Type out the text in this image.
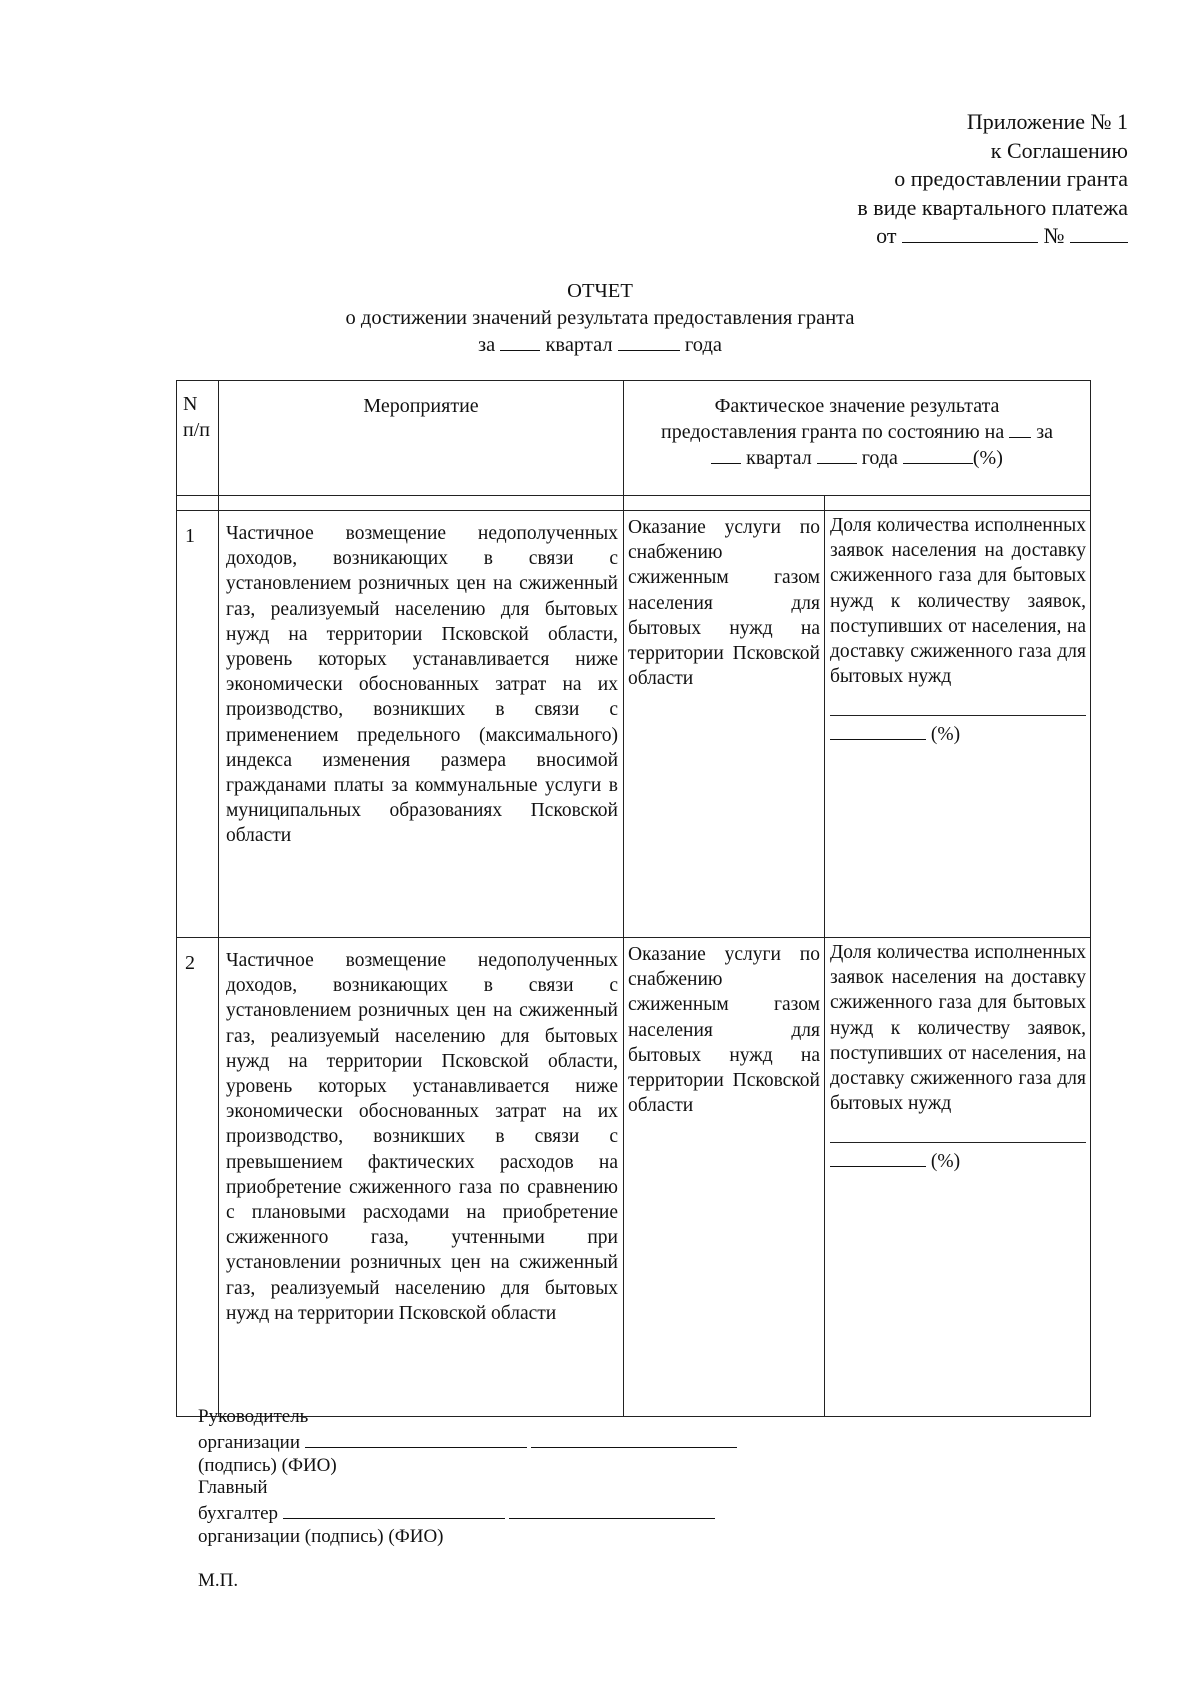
Приложение № 1
к Соглашению
о предоставлении гранта
в виде квартального платежа
от	№
ОТЧЕТ
о достижении значений результата предоставления гранта
за квартал	года
N п/п	Мероприятие	Фактическое значение результата
предоставления гранта по состоянию на за
квартал года (%)	

1	Частичное возмещение недополученных доходов, возникающих в связи с установлением розничных цен на сжиженный газ, реализуемый населению для бытовых нужд на территории Псковской области, уровень которых устанавливается ниже экономически обоснованных затрат на их производство, возникших в связи с применением предельного (максимального) индекса изменения размера вносимой гражданами платы за коммунальные услуги в муниципальных образованиях Псковской области	Оказание услуги по снабжению сжиженным газом населения для бытовых нужд на территории Псковской области	Доля количества исполненных заявок населения на доставку сжиженного газа для бытовых нужд к количеству заявок, поступивших от населения, на доставку сжиженного газа для бытовых нужд
(%)

2	Частичное возмещение недополученных доходов, возникающих в связи с установлением розничных цен на сжиженный газ, реализуемый населению для бытовых нужд на территории Псковской области, уровень которых устанавливается ниже экономически обоснованных затрат на их производство, возникших в связи с превышением фактических расходов на приобретение сжиженного газа по сравнению с плановыми расходами на приобретение сжиженного газа, учтенными при установлении розничных цен на сжиженный газ, реализуемый населению для бытовых нужд на территории Псковской области	Оказание услуги по снабжению сжиженным газом населения для бытовых нужд на территории Псковской области	Доля количества исполненных заявок населения на доставку сжиженного газа для бытовых нужд к количеству заявок, поступивших от населения, на доставку сжиженного газа для бытовых нужд
(%)
Руководитель
организации
(подпись) (ФИО)
Главный
бухгалтер
организации (подпись) (ФИО)
М.П.
